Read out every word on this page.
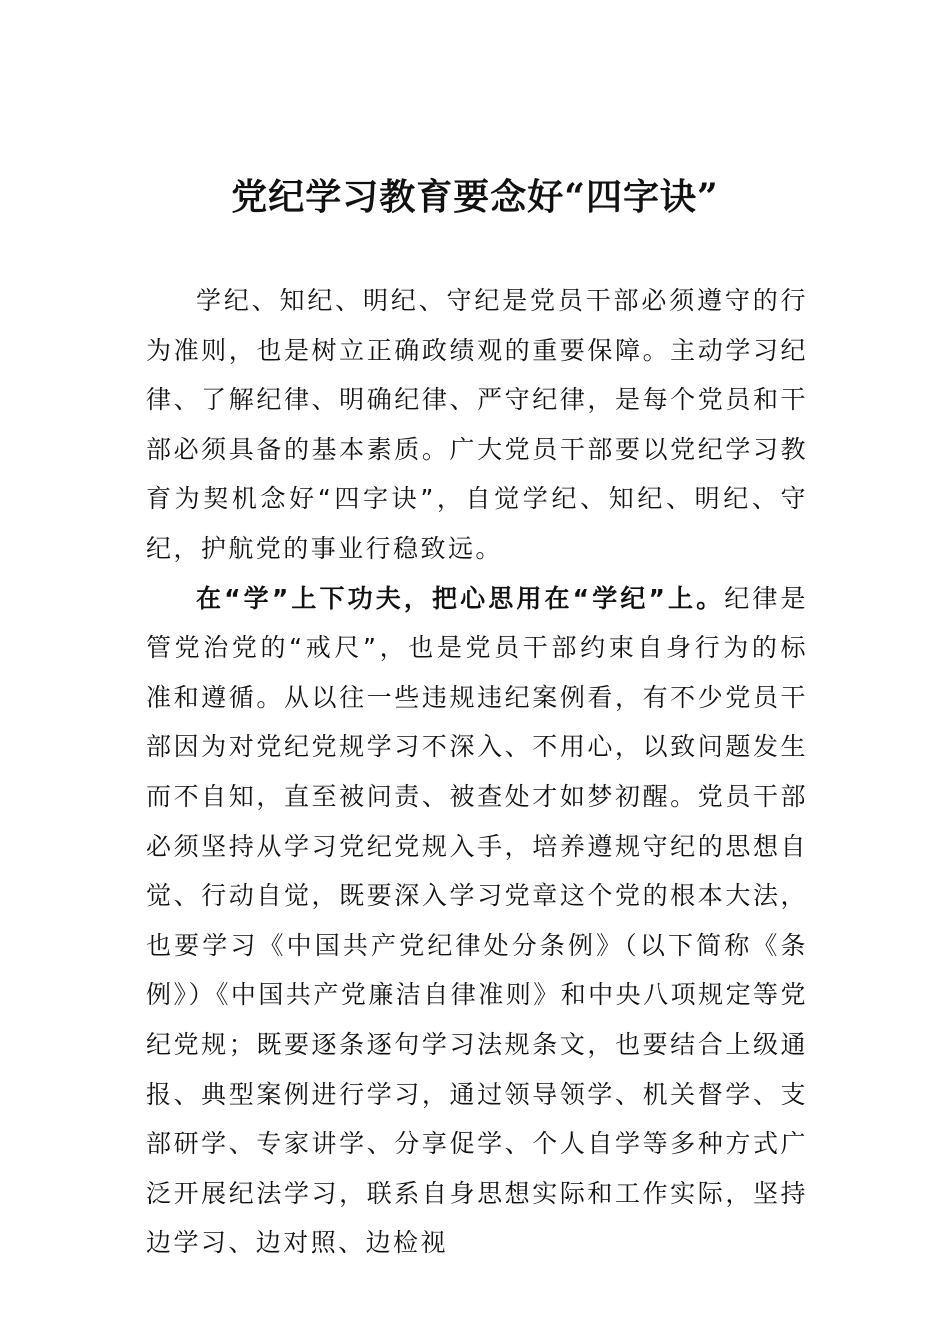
党纪学习教育要念好“四字诀”

学纪、知纪、明纪、守纪是党员干部必须遵守的行为准则，也是树立正确政绩观的重要保障。主动学习纪律、了解纪律、明确纪律、严守纪律，是每个党员和干部必须具备的基本素质。广大党员干部要以党纪学习教育为契机念好“四字诀”，自觉学纪、知纪、明纪、守纪，护航党的事业行稳致远。

在“学”上下功夫，把心思用在“学纪”上。纪律是管党治党的“戒尺”，也是党员干部约束自身行为的标准和遵循。从以往一些违规违纪案例看，有不少党员干部因为对党纪党规学习不深入、不用心，以致问题发生而不自知，直至被问责、被查处才如梦初醒。党员干部必须坚持从学习党纪党规入手，培养遵规守纪的思想自觉、行动自觉，既要深入学习党章这个党的根本大法，也要学习《中国共产党纪律处分条例》（以下简称《条例》）《中国共产党廉洁自律准则》和中央八项规定等党纪党规；既要逐条逐句学习法规条文，也要结合上级通报、典型案例进行学习，通过领导领学、机关督学、支部研学、专家讲学、分享促学、个人自学等多种方式广泛开展纪法学习，联系自身思想实际和工作实际，坚持边学习、边对照、边检视
